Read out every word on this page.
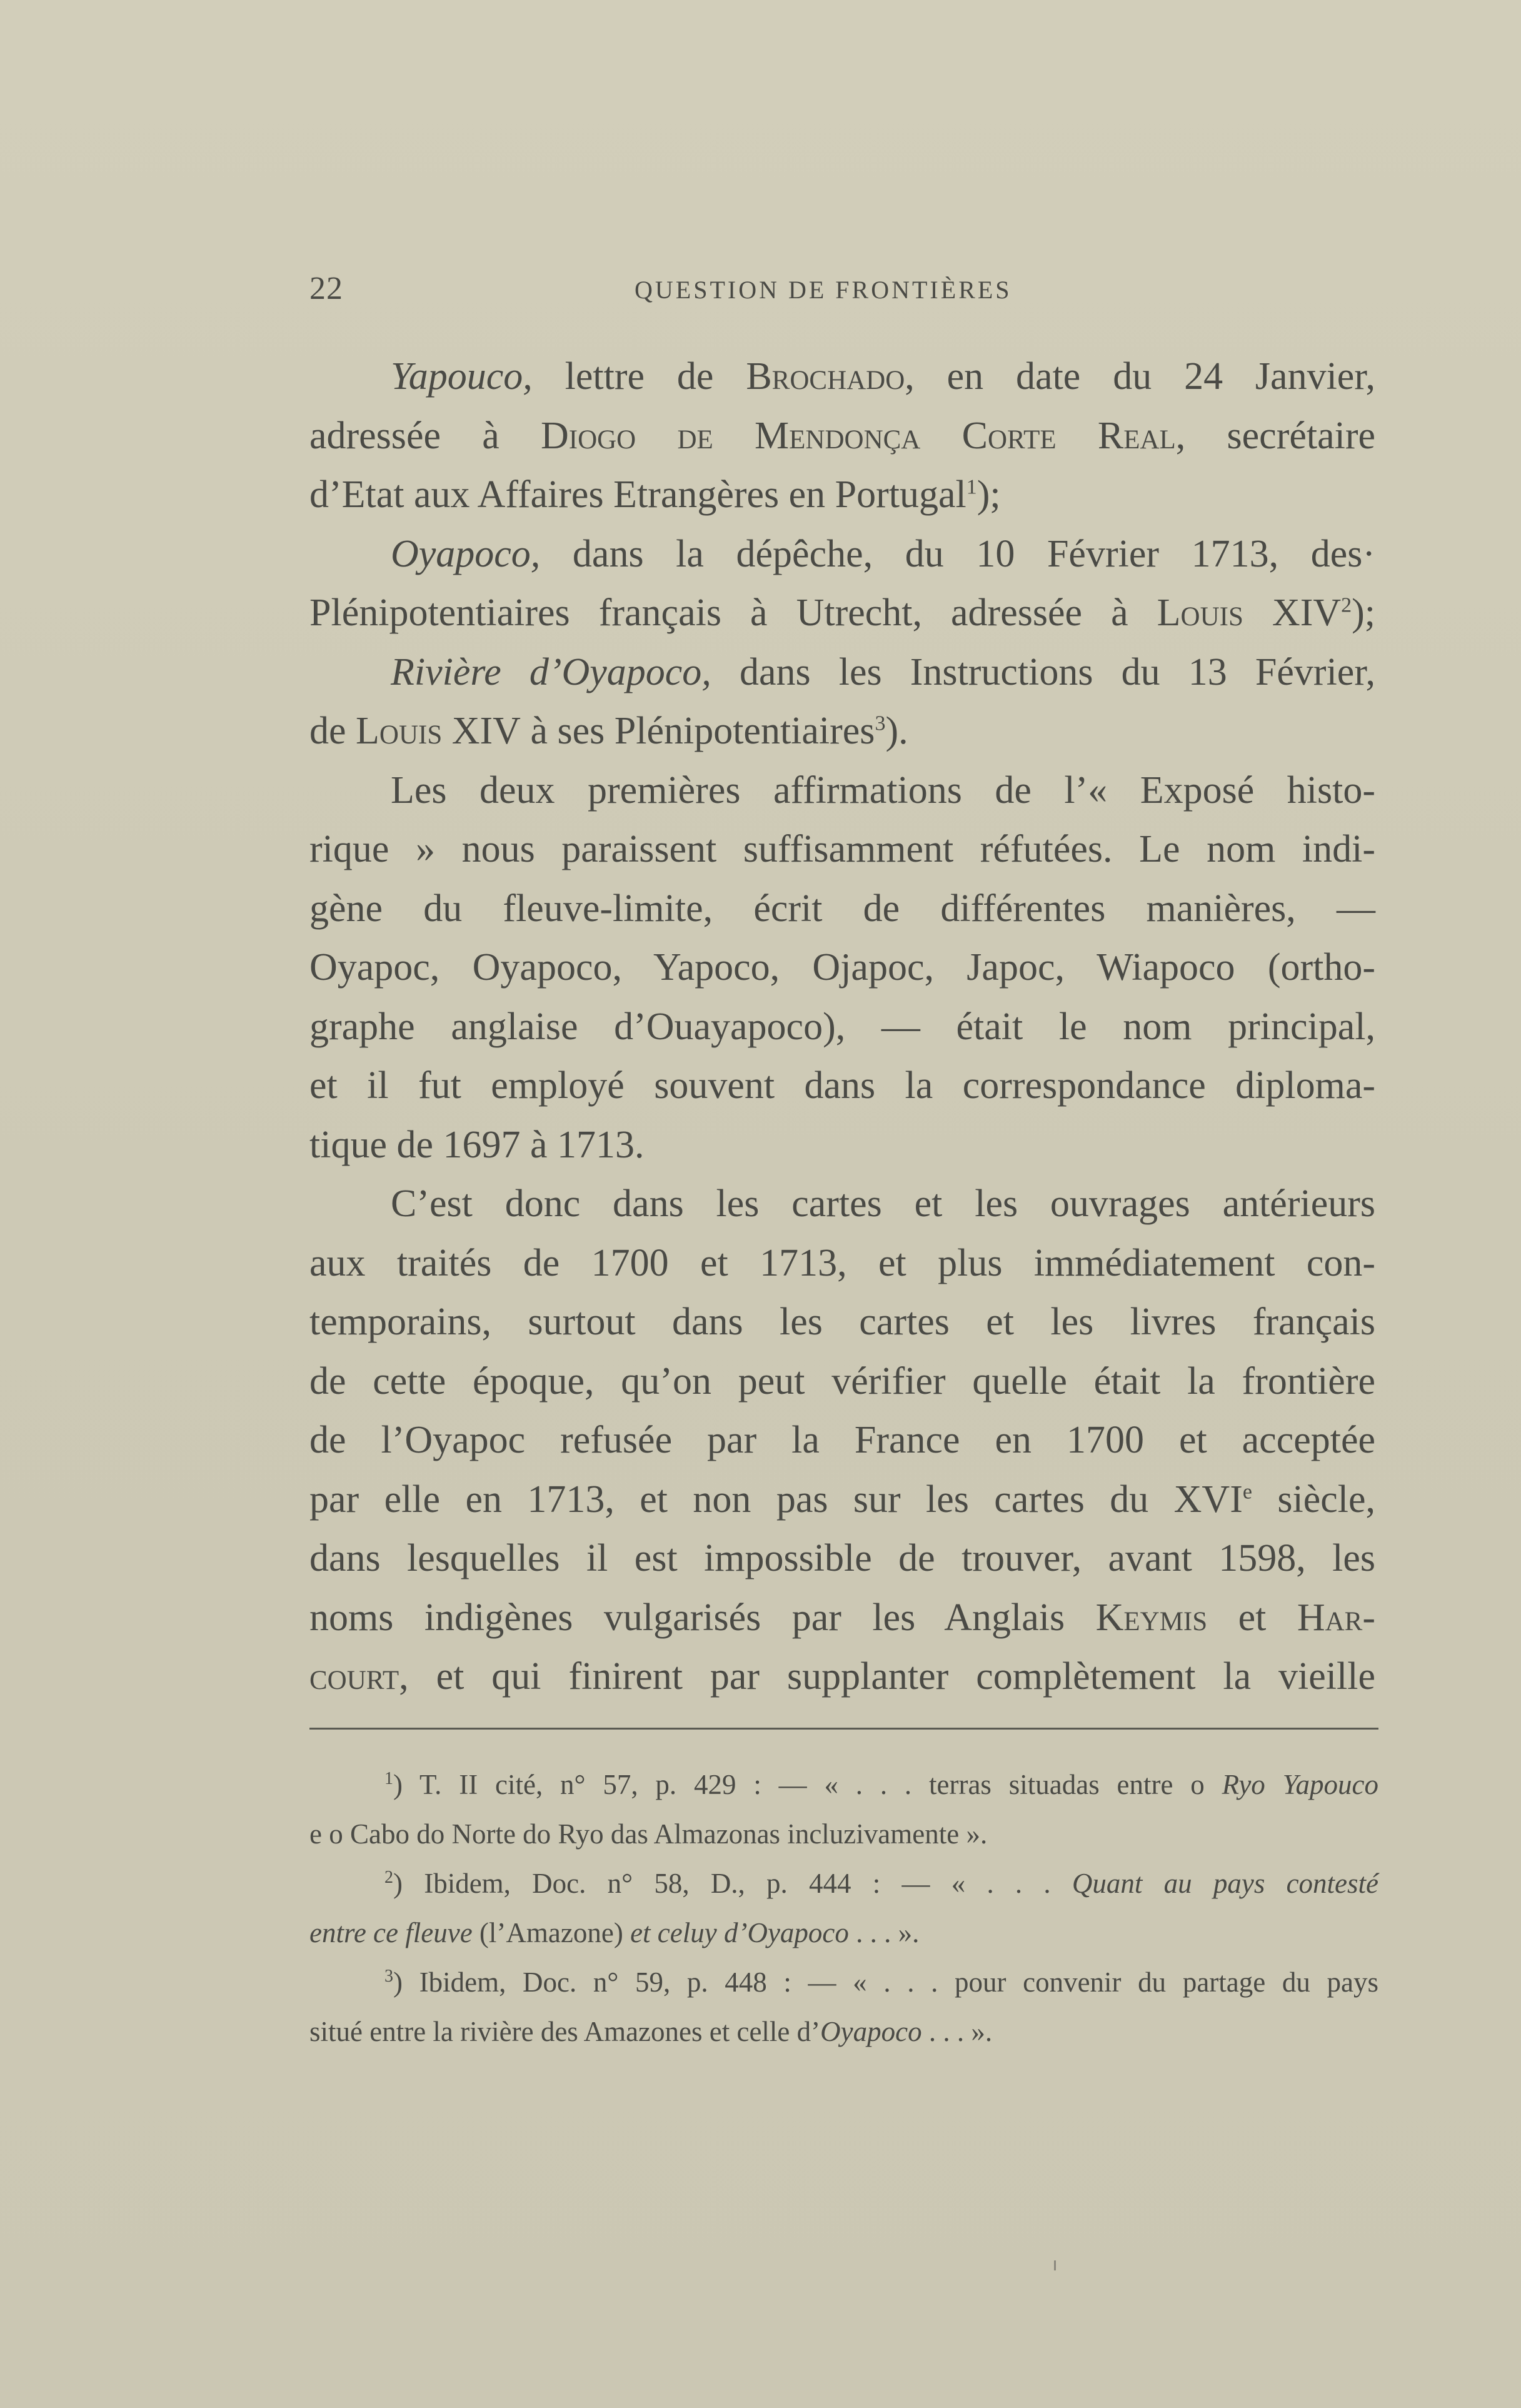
22	QUESTION DE FRONTIÈRES
Yapouco, lettre de Brochado, en date du 24 Janvier,
adressée à Diogo de Mendonça Corte Real, secrétaire
d’Etat aux Affaires Etrangères en Portugal$^1$);
Oyapoco, dans la dépêche, du 10 Février 1713, des·
Plénipotentiaires français à Utrecht, adressée à Louis XIV$^2$);
Rivière d’Oyapoco, dans les Instructions du 13 Février,
de Louis XIV à ses Plénipotentiaires$^3$).
Les deux premières affirmations de l’« Exposé histo-
rique » nous paraissent suffisamment réfutées. Le nom indi-
gène du fleuve-limite, écrit de différentes manières, —
Oyapoc, Oyapoco, Yapoco, Ojapoc, Japoc, Wiapoco (ortho-
graphe anglaise d’Ouayapoco), — était le nom principal,
et il fut employé souvent dans la correspondance diploma-
tique de 1697 à 1713.
C’est donc dans les cartes et les ouvrages antérieurs
aux traités de 1700 et 1713, et plus immédiatement con-
temporains, surtout dans les cartes et les livres français
de cette époque, qu’on peut vérifier quelle était la frontière
de l’Oyapoc refusée par la France en 1700 et acceptée
par elle en 1713, et non pas sur les cartes du XVIe siècle,
dans lesquelles il est impossible de trouver, avant 1598, les
noms indigènes vulgarisés par les Anglais Keymis et Har-
court, et qui finirent par supplanter complètement la vieille
$^1$) T. II cité, n° 57, p. 429 : — « . . . terras situadas entre o Ryo Yapouco
e o Cabo do Norte do Ryo das Almazonas incluzivamente ».
$^2$) Ibidem, Doc. n° 58, D., p. 444 : — « . . . Quant au pays contesté
entre ce fleuve (l’Amazone) et celuy d’Oyapoco . . . ».
$^3$) Ibidem, Doc. n° 59, p. 448 : — « . . . pour convenir du partage du pays
situé entre la rivière des Amazones et celle d’Oyapoco . . . ».
